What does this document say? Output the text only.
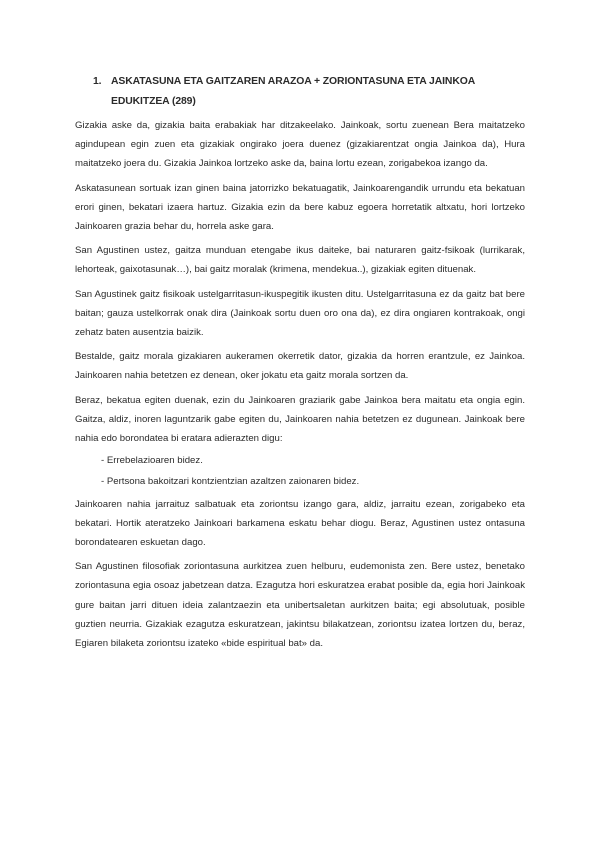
1. ASKATASUNA ETA GAITZAREN ARAZOA + ZORIONTASUNA ETA JAINKOA EDUKITZEA (289)

Gizakia aske da, gizakia baita erabakiak har ditzakeelako. Jainkoak, sortu zuenean Bera maitatzeko agindupean egin zuen eta gizakiak ongirako joera duenez (gizakiarentzat ongia Jainkoa da), Hura maitatzeko joera du. Gizakia Jainkoa lortzeko aske da, baina lortu ezean, zorigabekoa izango da.

Askatasunean sortuak izan ginen baina jatorrizko bekatuagatik, Jainkoarengandik urrundu eta bekatuan erori ginen, bekatari izaera hartuz. Gizakia ezin da bere kabuz egoera horretatik altxatu, hori lortzeko Jainkoaren grazia behar du, horrela aske gara.

San Agustinen ustez, gaitza munduan etengabe ikus daiteke, bai naturaren gaitz-fsikoak (lurrikarak, lehorteak, gaixotasunak…), bai gaitz moralak (krimena, mendekua..), gizakiak egiten dituenak.

San Agustinek gaitz fisikoak ustelgarritasun-ikuspegitik ikusten ditu. Ustelgarritasuna ez da gaitz bat bere baitan; gauza ustelkorrak onak dira (Jainkoak sortu duen oro ona da), ez dira ongiaren kontrakoak, ongi zehatz baten ausentzia baizik.

Bestalde, gaitz morala gizakiaren aukeramen okerretik dator, gizakia da horren erantzule, ez Jainkoa. Jainkoaren nahia betetzen ez denean, oker jokatu eta gaitz morala sortzen da.

Beraz, bekatua egiten duenak, ezin du Jainkoaren graziarik gabe Jainkoa bera maitatu eta ongia egin. Gaitza, aldiz, inoren laguntzarik gabe egiten du, Jainkoaren nahia betetzen ez dugunean. Jainkoak bere nahia edo borondatea bi eratara adierazten digu:

- Errebelazioaren bidez.
- Pertsona bakoitzari kontzientzian azaltzen zaionaren bidez.

Jainkoaren nahia jarraituz salbatuak eta zoriontsu izango gara, aldiz, jarraitu ezean, zorigabeko eta bekatari. Hortik ateratzeko Jainkoari barkamena eskatu behar diogu. Beraz, Agustinen ustez ontasuna borondatearen eskuetan dago.

San Agustinen filosofiak zoriontasuna aurkitzea zuen helburu, eudemonista zen. Bere ustez, benetako zoriontasuna egia osoaz jabetzean datza. Ezagutza hori eskuratzea erabat posible da, egia hori Jainkoak gure baitan jarri dituen ideia zalantzaezin eta unibertsaletan aurkitzen baita; egi absolutuak, posible guztien neurria. Gizakiak ezagutza eskuratzean, jakintsu bilakatzean, zoriontsu izatea lortzen du, beraz, Egiaren bilaketa zoriontsu izateko «bide espiritual bat» da.
